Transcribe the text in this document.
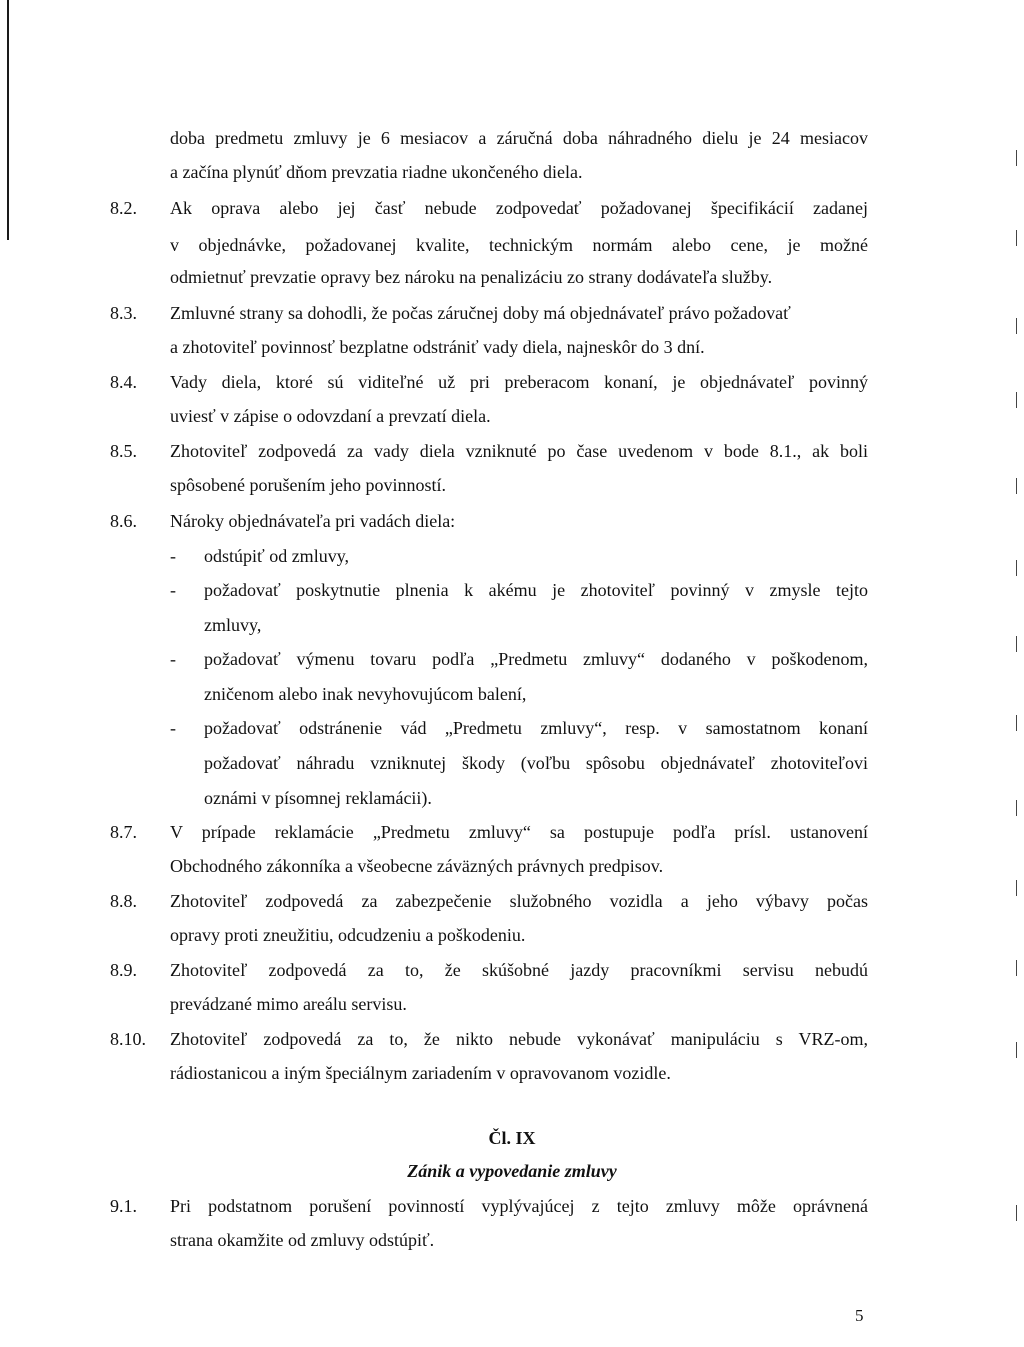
doba predmetu zmluvy je 6 mesiacov a záručná doba náhradného dielu je 24 mesiacov
a začína plynúť dňom prevzatia riadne ukončeného diela.
8.2. Ak oprava alebo jej časť nebude zodpovedať požadovanej špecifikácií zadanej
v objednávke, požadovanej kvalite, technickým normám alebo cene, je možné
odmietnuť prevzatie opravy bez nároku na penalizáciu zo strany dodávateľa služby.
8.3. Zmluvné strany sa dohodli, že počas záručnej doby má objednávateľ právo požadovať
a zhotoviteľ povinnosť bezplatne odstrániť vady diela, najneskôr do 3 dní.
8.4. Vady diela, ktoré sú viditeľné už pri preberacom konaní, je objednávateľ povinný
uviesť v zápise o odovzdaní a prevzatí diela.
8.5. Zhotoviteľ zodpovedá za vady diela vzniknuté po čase uvedenom v bode 8.1., ak boli
spôsobené porušením jeho povinností.
8.6. Nároky objednávateľa pri vadách diela:
- odstúpiť od zmluvy,
- požadovať poskytnutie plnenia k akému je zhotoviteľ povinný v zmysle tejto
zmluvy,
- požadovať výmenu tovaru podľa „Predmetu zmluvy“ dodaného v poškodenom,
zničenom alebo inak nevyhovujúcom balení,
- požadovať odstránenie vád „Predmetu zmluvy“, resp. v samostatnom konaní
požadovať náhradu vzniknutej škody (voľbu spôsobu objednávateľ zhotoviteľovi
oznámi v písomnej reklamácii).
8.7. V prípade reklamácie „Predmetu zmluvy“ sa postupuje podľa prísl. ustanovení
Obchodného zákonníka a všeobecne záväzných právnych predpisov.
8.8. Zhotoviteľ zodpovedá za zabezpečenie služobného vozidla a jeho výbavy počas
opravy proti zneužitiu, odcudzeniu a poškodeniu.
8.9. Zhotoviteľ zodpovedá za to, že skúšobné jazdy pracovníkmi servisu nebudú
prevádzané mimo areálu servisu.
8.10. Zhotoviteľ zodpovedá za to, že nikto nebude vykonávať manipuláciu s VRZ-om,
rádiostanicou a iným špeciálnym zariadením v opravovanom vozidle.
Čl. IX
Zánik a vypovedanie zmluvy
9.1. Pri podstatnom porušení povinností vyplývajúcej z tejto zmluvy môže oprávnená
strana okamžite od zmluvy odstúpiť.
5
